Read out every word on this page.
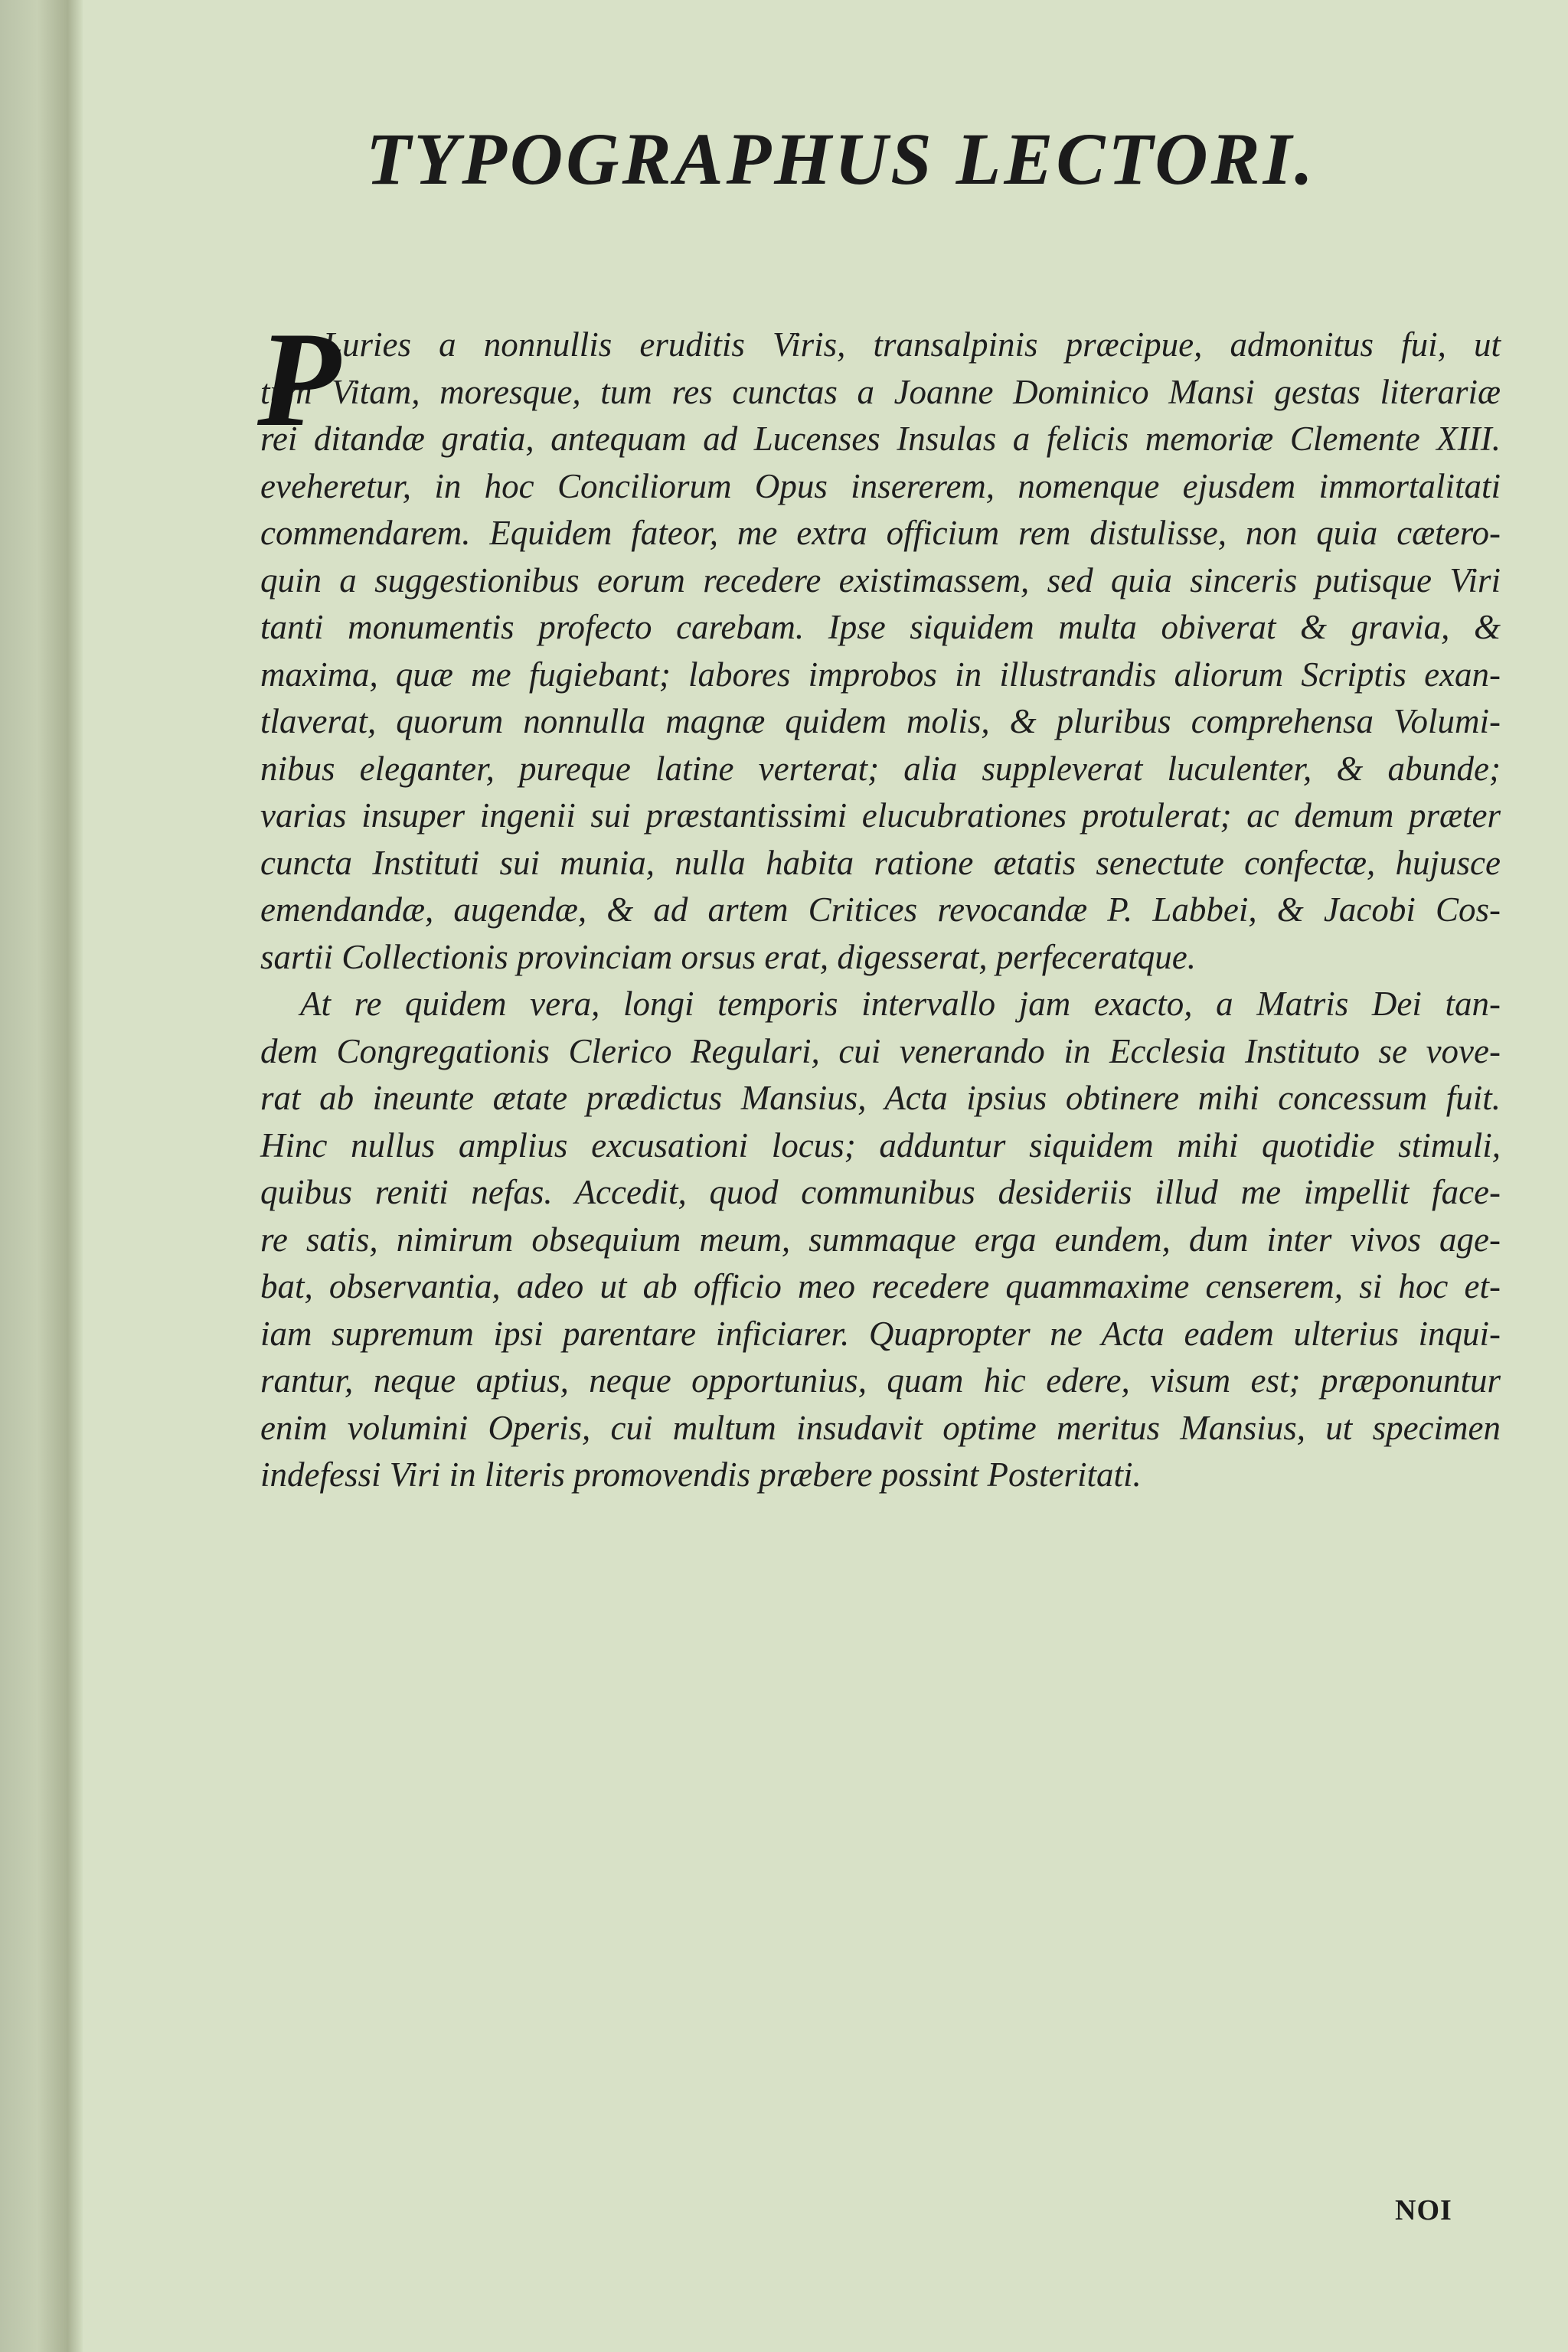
TYPOGRAPHUS LECTORI.
P
Luries a nonnullis eruditis Viris, transalpinis præcipue, admonitus fui, ut
tum Vitam, moresque, tum res cunctas a Joanne Dominico Mansi gestas literariæ
rei ditandæ gratia, antequam ad Lucenses Insulas a felicis memoriæ Clemente XIII.
eveheretur, in hoc Conciliorum Opus insererem, nomenque ejusdem immortalitati
commendarem. Equidem fateor, me extra officium rem distulisse, non quia cætero-
quin a suggestionibus eorum recedere existimassem, sed quia sinceris putisque Viri
tanti monumentis profecto carebam. Ipse siquidem multa obiverat & gravia, &
maxima, quæ me fugiebant; labores improbos in illustrandis aliorum Scriptis exan-
tlaverat, quorum nonnulla magnæ quidem molis, & pluribus comprehensa Volumi-
nibus eleganter, pureque latine verterat; alia suppleverat luculenter, & abunde;
varias insuper ingenii sui præstantissimi elucubrationes protulerat; ac demum præter
cuncta Instituti sui munia, nulla habita ratione ætatis senectute confectæ, hujusce
emendandæ, augendæ, & ad artem Critices revocandæ P. Labbei, & Jacobi Cos-
sartii Collectionis provinciam orsus erat, digesserat, perfeceratque.
At re quidem vera, longi temporis intervallo jam exacto, a Matris Dei tan-
dem Congregationis Clerico Regulari, cui venerando in Ecclesia Instituto se vove-
rat ab ineunte ætate prædictus Mansius, Acta ipsius obtinere mihi concessum fuit.
Hinc nullus amplius excusationi locus; adduntur siquidem mihi quotidie stimuli,
quibus reniti nefas. Accedit, quod communibus desideriis illud me impellit face-
re satis, nimirum obsequium meum, summaque erga eundem, dum inter vivos age-
bat, observantia, adeo ut ab officio meo recedere quammaxime censerem, si hoc et-
iam supremum ipsi parentare inficiarer. Quapropter ne Acta eadem ulterius inqui-
rantur, neque aptius, neque opportunius, quam hic edere, visum est; præponuntur
enim volumini Operis, cui multum insudavit optime meritus Mansius, ut specimen
indefessi Viri in literis promovendis præbere possint Posteritati.
NOI
